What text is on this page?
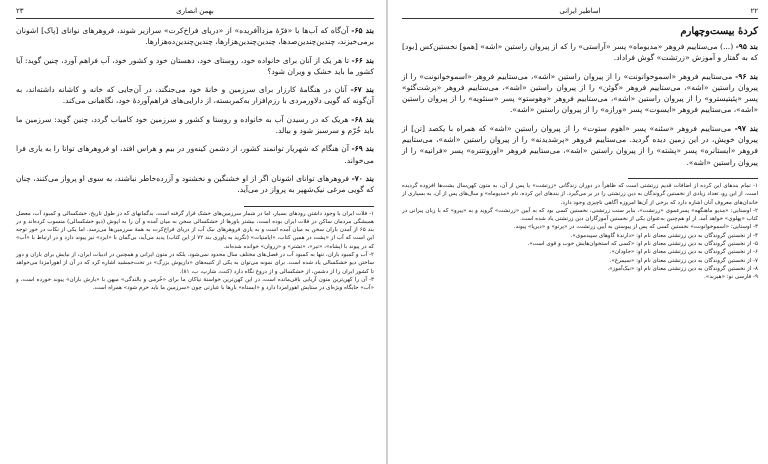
۲۳	بهمن انصاری

بند ۶۵- آن‌گاه که آب‌ها با «فرّهٔ مزدا‌آفریده» از «دریای فراخ‌کرت» سرازیر شوند، فروهرهای نوانای [پاک] اشونان برمی‌خیزند، چندین‌چندین‌صدها، چندین‌چندین‌هزارها، چندین‌چندین‌ده‌هزارها.

بند ۶۶- تا هر یک از آنان برای خانواده خود، روستای خود، دهستان خود و کشور خود، آب فراهم آورد، چنین گوید: آیا کشور ما باید خشک و ویران شود؟

بند ۶۷- آنان در هنگامهٔ کارزار برای سرزمین و خانهٔ خود می‌جنگند، در آن‌جایی که خانه و کاشانه داشته‌اند، به آن‌گونه که گویی دلاورمردی با رزم‌افزار به‌کمربسته، از دارایی‌های فراهم‌آوردهٔ خود، نگاهبانی می‌کند.

بند ۶۸- هریک که در رسیدن آب به خانواده و روستا و کشور و سرزمین خود کامیاب گردد، چنین گوید: سرزمین ما باید خُرّم و سرسبز شود و بیالد.

بند ۶۹- آن هنگام که شهریار توانمند کشور، از دشمن کینه‌ور در بیم و هراس افتد، او فروهرهای توانا را به یاری فرا می‌خواند.

بند ۷۰- فروهرهای توانای اشونان اگر از او خشنگین و نخشنود و آزرده‌خاطر نباشند، به سوی او پرواز می‌کنند، چنان که گویی مرغی نیک‌شهپر به پرواز در می‌آید.

۱- فلات ایران با وجود داشتن رودهای بسیار، اما در شمار سرزمین‌های خشک قرار گرفته است. بدگمانهای که در طول تاریخ، خشکسالی و کمبود آب، معضل همیشگی مردمان ساکن در فلات ایران بوده است، بیشتر باورها از خشکسالی سخن به میان آمده و آن را به اپوش (دیو خشکسالی) منسوب کرده‌اند و در بند ۶۵ از آمدن باران سخن به میان آمده است و به یاری فروهرهای نیک آب از دریای فراخ‌کرت به همهٔ سرزمین‌ها می‌رسد. اما یکی از نکات در خور توجه این است که آب از «پشت در همین کتاب، «اپامنپات» (نگرید به یاوری بند ۷۲ از این کتاب) پدید می‌آید، بی‌گمان با «ایزد» نیز پیوند دارد و در ارتباط با «آب» که در پیوند با اپشاه»، «تیر»، «تشتر» و «زروان» خوانده شده‌اند.

۲- آب و کمبود باران، تنها به کمبود آب در فصل‌های مختلف سال محدود نمی‌شود. بلکه در متون ایرانی و همچنین در ادبیات ایران، از نیایش برای باران و دور ساختن دیو خشکسالی یاد شده است. برای نمونه می‌توان به یکی از کتیبه‌های «داریوش بزرگ» در تخت‌جمشید اشاره کرد که در آن از اهورامزدا می‌خواهد تا کشور ایران را از دشمن، از خشکسالی و از دروغ نگاه دارد (کنت، شارپ، ب، ۸۱).

۳- آن را کهن‌ترین متون آریایی باقی‌مانده است، در این کهن‌ترین خواستهٔ نیاکان ما برای «خُرمی و بالندگی» میهن با «بارش باران» پیوند خورده است، و «آب» جایگاه ویژه‌ای در ستایش اهورامزدا دارد و «ایستاه» بارها با عبارتی چون «سرزمین ما باید خرم شود» همراه است.

۲۲
اساطیر ایرانی
کردهٔ بیست‌وچهارم

بند ۹۵- (...) می‌ستاییم فروهر «مدیوماه» پسر «آراستی» را که از پیروان راستین «اشه» [همو] نخستین‌کس [بود] که به گفتار و آموزش «زرتشت» گوش فراداد.

بند ۹۶- می‌ستاییم فروهر «اسموخوانونت» را از پیروان راستین «اشه»، می‌ستاییم فروهر «اسموخوانونت» را از پیروان راستین «اشه»، می‌ستاییم فروهر «گوئن» را از پیروان راستین «اشه»، می‌ستاییم فروهر «پرشت‌گئو» پسر «پئیتیسترو» را از پیروان راستین «اشه»، می‌ستاییم فروهر «وهوستو» پسر «سنئویه» را از پیروان راستین «اشه»، می‌ستاییم فروهر «ایسوت» پسر «ورازه» را از پیروان راستین «اشه».

بند ۹۷- می‌ستاییم فروهر «سئنه» پسر «اهوم ستوت» را از پیروان راستین «اشه» که همراه با یکصد [تن] از پیروان خویش، در این زمین دیده گردید. می‌ستاییم فروهر «پرشدیدنه» را از پیروان راستین «اشه»، می‌ستاییم فروهر «ایستانره» پسر «پشته» را از پیروان راستین «اشه»، می‌ستاییم فروهر «اوروتتنره» پسر «فرانیه» را از پیروان راستین «اشه».

۱- تمام بندهای این کرده از اضافات قدیم زرتشتی است که ظاهراً در دوران زندگانی «زرتشت» یا پس از آن، به متون کهن‌سال یشت‌ها افزوده گردیده است. از این رو، تعداد زیادی از نخستین گروندگان به دین زرتشتی را در بر می‌گیرد. از بندهای این کرده، نام «مدیوماه» و سال‌های پس از آن، به بسیاری از خاندان‌های معروف آنان اشاره دارد که برخی از آن‌ها امروزه آگاهی ناچیزی وجود دارد.

۲- اوستایی: «مدیو ماهنگهه» پسرعموی «زرتشت»، بنابر سنت زرتشتی، نخستین کسی بود که به آیین «زرتشت» گروید و به «پیرو» که با زبان پیرانی در کتاب «پهلوی» خواهد آمد. از او هم‌چنین به‌عنوان یکی از نخستین آموزگاران دین زرتشتی یاد شده است.

۳- اوستایی: «اسموخوانونت» نخستین کسی که پس از پیوستن به آیین زرتشت، در «پرتو» و «دیرپا» پیوند.

۴- از نخستین گروندگان به دین زرتشتی معنای نام او: «دارندهٔ گاوهای سپیدموی».

۵- از نخستین گروندگان به دین زرتشتی معنای نام او: «کسی که استخوان‌هایش خوب و قوی است».

۶- از نخستین گروندگان به دین زرتشتی معنای نام او: «جاودان».

۷- از نخستین گروندگان به دین زرتشتی معنای نام او: «سیمرغ».

۸- از نخستین گروندگان به دین زرتشتی معنای نام او: «نیک‌آموز».

۹- فارسی نو: «هیربد».
